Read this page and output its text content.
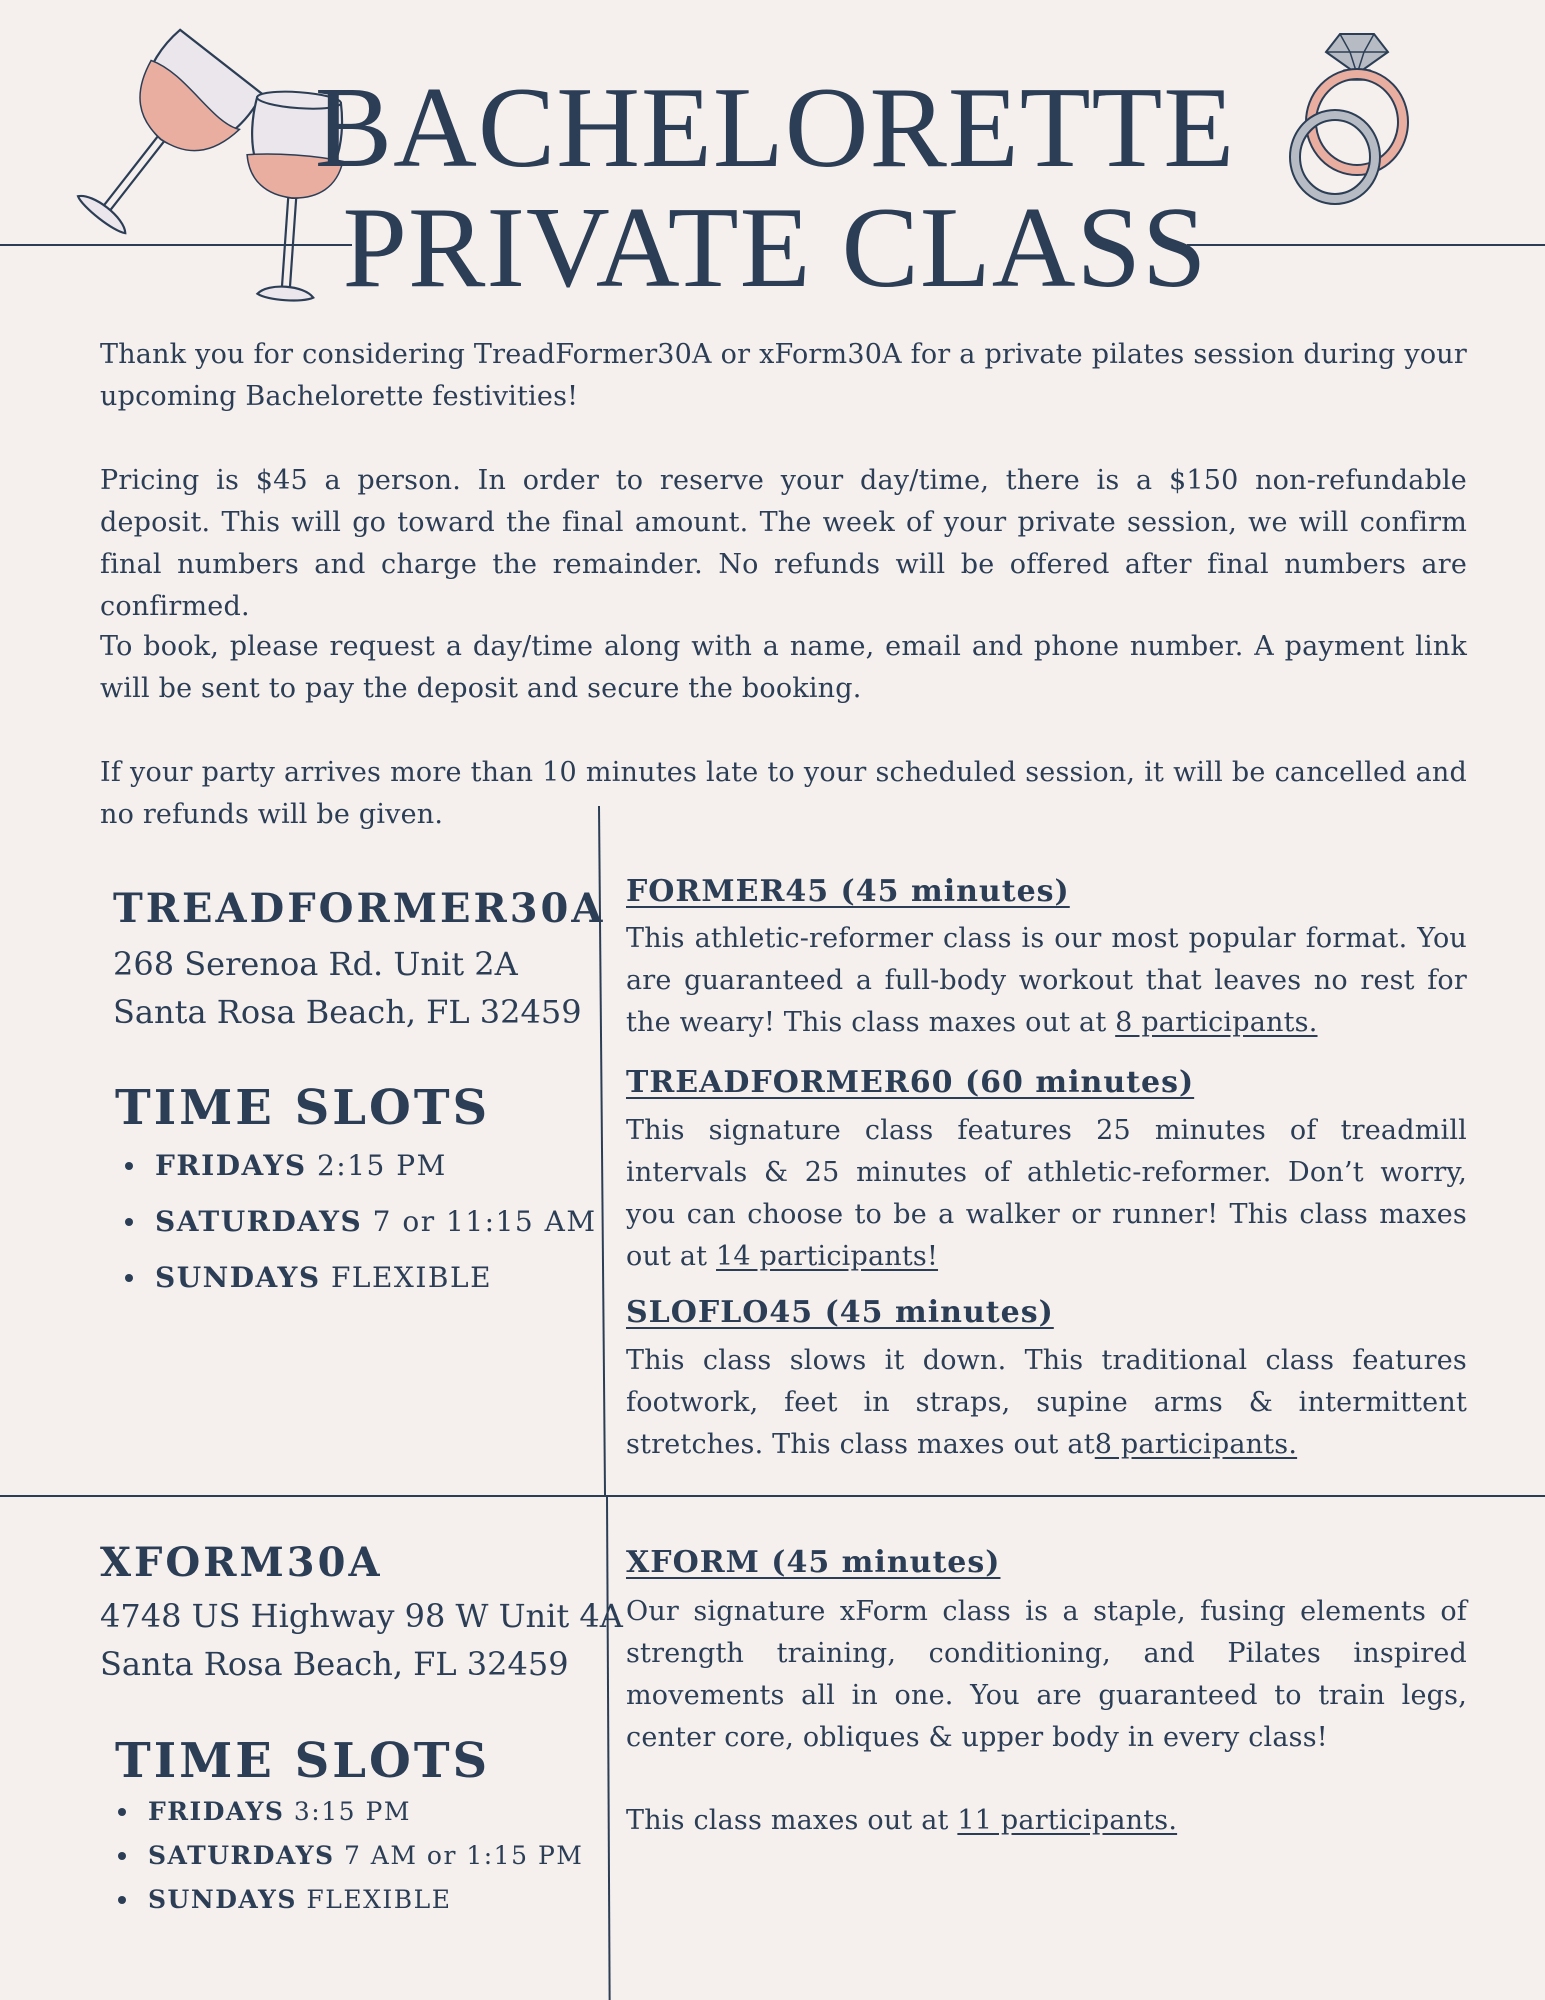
BACHELORETTE
PRIVATE CLASS

Thank you for considering TreadFormer30A or xForm30A for a private pilates session during your upcoming Bachelorette festivities!

Pricing is $45 a person. In order to reserve your day/time, there is a $150 non-refundable deposit. This will go toward the final amount. The week of your private session, we will confirm final numbers and charge the remainder. No refunds will be offered after final numbers are confirmed.

To book, please request a day/time along with a name, email and phone number. A payment link will be sent to pay the deposit and secure the booking.

If your party arrives more than 10 minutes late to your scheduled session, it will be cancelled and no refunds will be given.

TREADFORMER30A
268 Serenoa Rd. Unit 2A
Santa Rosa Beach, FL 32459
TIME SLOTS
FRIDAYS 2:15 PM
SATURDAYS 7 or 11:15 AM
SUNDAYS FLEXIBLE
FORMER45 (45 minutes)

This athletic-reformer class is our most popular format. You are guaranteed a full-body workout that leaves no rest for the weary! This class maxes out at 8 participants.

TREADFORMER60 (60 minutes)

This signature class features 25 minutes of treadmill intervals & 25 minutes of athletic-reformer. Don’t worry, you can choose to be a walker or runner! This class maxes out at 14 participants!

SLOFLO45 (45 minutes)

This class slows it down. This traditional class features footwork, feet in straps, supine arms & intermittent stretches. This class maxes out at8 participants.

XFORM30A
4748 US Highway 98 W Unit 4A
Santa Rosa Beach, FL 32459
TIME SLOTS
FRIDAYS 3:15 PM
SATURDAYS 7 AM or 1:15 PM
SUNDAYS FLEXIBLE
XFORM (45 minutes)

Our signature xForm class is a staple, fusing elements of strength training, conditioning, and Pilates inspired movements all in one. You are guaranteed to train legs, center core, obliques & upper body in every class!

This class maxes out at 11 participants.
